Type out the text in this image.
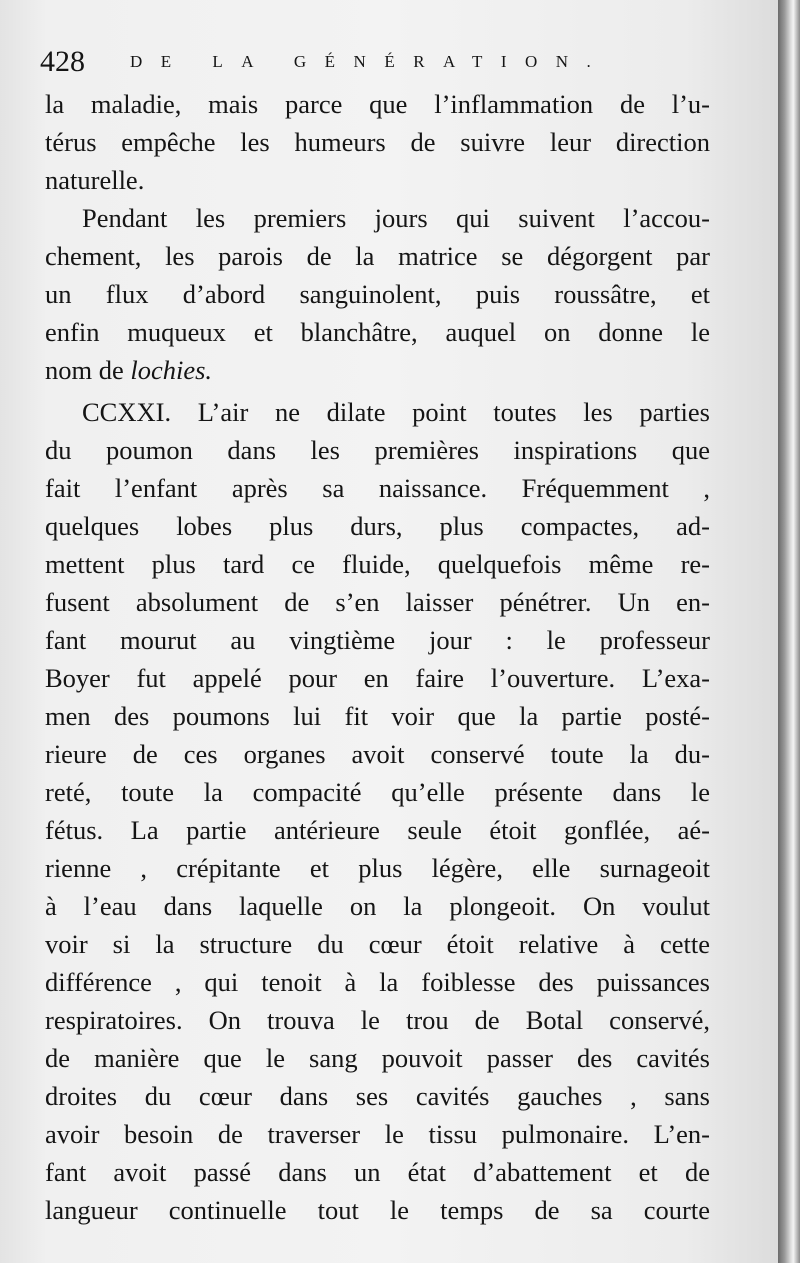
428	DE LA GÉNÉRATION.
la maladie, mais parce que l’inflammation de l’u-
térus empêche les humeurs de suivre leur direction
naturelle.
Pendant les premiers jours qui suivent l’accou-
chement, les parois de la matrice se dégorgent par
un flux d’abord sanguinolent, puis roussâtre, et
enfin muqueux et blanchâtre, auquel on donne le
nom de lochies.
CCXXI. L’air ne dilate point toutes les parties
du poumon dans les premières inspirations que
fait l’enfant après sa naissance. Fréquemment ,
quelques lobes plus durs, plus compactes, ad-
mettent plus tard ce fluide, quelquefois même re-
fusent absolument de s’en laisser pénétrer. Un en-
fant mourut au vingtième jour : le professeur
Boyer fut appelé pour en faire l’ouverture. L’exa-
men des poumons lui fit voir que la partie posté-
rieure de ces organes avoit conservé toute la du-
reté, toute la compacité qu’elle présente dans le
fétus. La partie antérieure seule étoit gonflée, aé-
rienne , crépitante et plus légère, elle surnageoit
à l’eau dans laquelle on la plongeoit. On voulut
voir si la structure du cœur étoit relative à cette
différence , qui tenoit à la foiblesse des puissances
respiratoires. On trouva le trou de Botal conservé,
de manière que le sang pouvoit passer des cavités
droites du cœur dans ses cavités gauches , sans
avoir besoin de traverser le tissu pulmonaire. L’en-
fant avoit passé dans un état d’abattement et de
langueur continuelle tout le temps de sa courte
